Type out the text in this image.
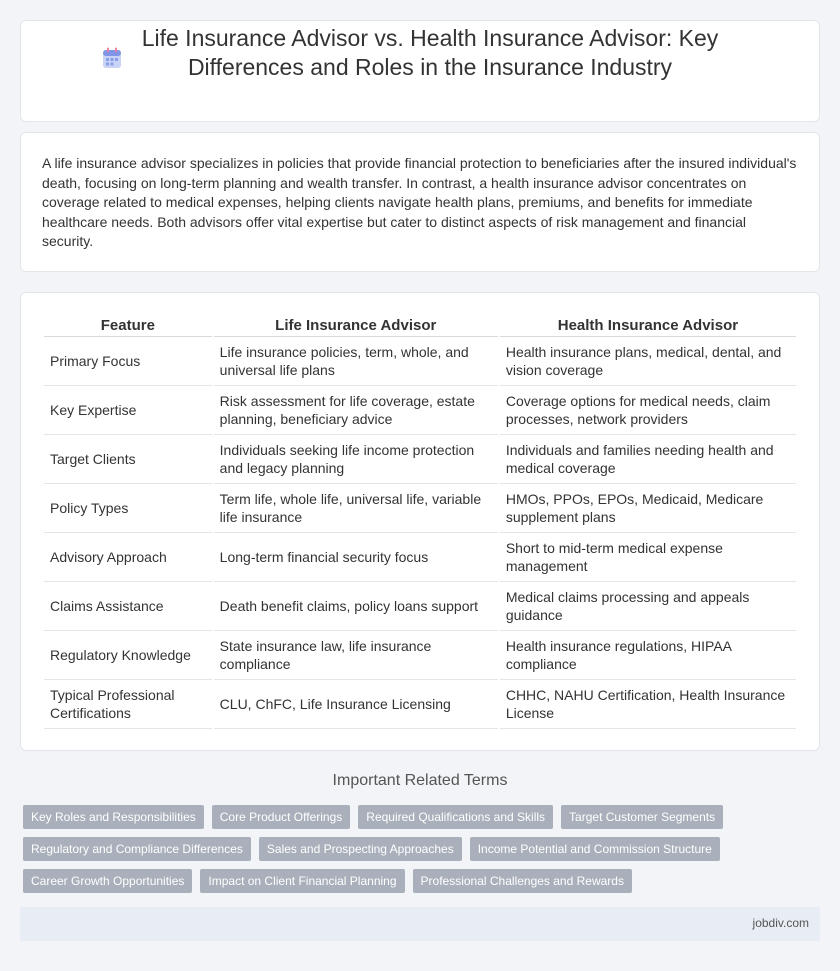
Life Insurance Advisor vs. Health Insurance Advisor: Key
Differences and Roles in the Insurance Industry

A life insurance advisor specializes in policies that provide financial protection to beneficiaries after the insured individual's death, focusing on long-term planning and wealth transfer. In contrast, a health insurance advisor concentrates on coverage related to medical expenses, helping clients navigate health plans, premiums, and benefits for immediate healthcare needs. Both advisors offer vital expertise but cater to distinct aspects of risk management and financial security.

Feature	Life Insurance Advisor	Health Insurance Advisor
Primary Focus	Life insurance policies, term, whole, and universal life plans	Health insurance plans, medical, dental, and vision coverage
Key Expertise	Risk assessment for life coverage, estate planning, beneficiary advice	Coverage options for medical needs, claim processes, network providers
Target Clients	Individuals seeking life income protection and legacy planning	Individuals and families needing health and medical coverage
Policy Types	Term life, whole life, universal life, variable life insurance	HMOs, PPOs, EPOs, Medicaid, Medicare supplement plans
Advisory Approach	Long-term financial security focus	Short to mid-term medical expense management
Claims Assistance	Death benefit claims, policy loans support	Medical claims processing and appeals guidance
Regulatory Knowledge	State insurance law, life insurance compliance	Health insurance regulations, HIPAA compliance
Typical Professional Certifications	CLU, ChFC, Life Insurance Licensing	CHHC, NAHU Certification, Health Insurance License
Important Related Terms
Key Roles and Responsibilities	Core Product Offerings	Required Qualifications and Skills	Target Customer Segments
Regulatory and Compliance Differences	Sales and Prospecting Approaches	Income Potential and Commission Structure
Career Growth Opportunities	Impact on Client Financial Planning	Professional Challenges and Rewards
jobdiv.com
